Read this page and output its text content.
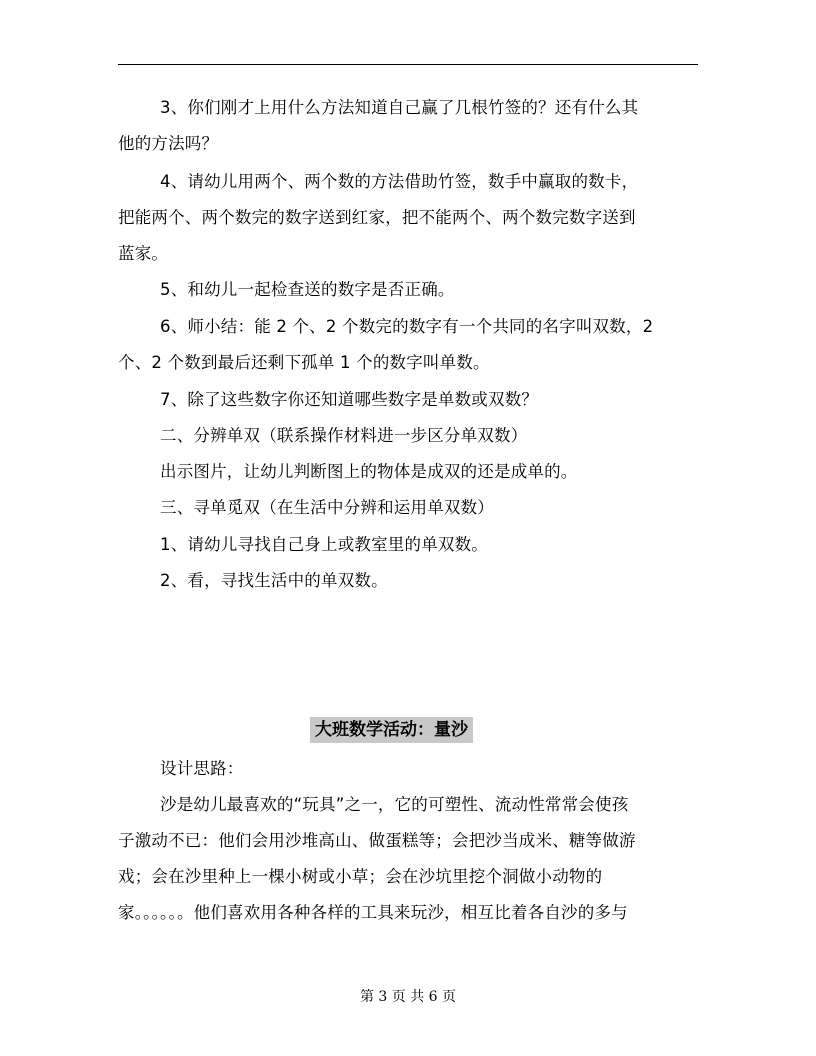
3、你们刚才上用什么方法知道自己赢了几根竹签的？还有什么其
他的方法吗？
4、请幼儿用两个、两个数的方法借助竹签，数手中赢取的数卡，
把能两个、两个数完的数字送到红家，把不能两个、两个数完数字送到
蓝家。
5、和幼儿一起检查送的数字是否正确。
6、师小结：能 2 个、2 个数完的数字有一个共同的名字叫双数，2
个、2 个数到最后还剩下孤单 1 个的数字叫单数。
7、除了这些数字你还知道哪些数字是单数或双数？
二、分辨单双（联系操作材料进一步区分单双数）
出示图片，让幼儿判断图上的物体是成双的还是成单的。
三、寻单觅双（在生活中分辨和运用单双数）
1、请幼儿寻找自己身上或教室里的单双数。
2、看，寻找生活中的单双数。
大班数学活动：量沙
设计思路：
沙是幼儿最喜欢的“玩具”之一，它的可塑性、流动性常常会使孩
子激动不已：他们会用沙堆高山、做蛋糕等；会把沙当成米、糖等做游
戏；会在沙里种上一棵小树或小草；会在沙坑里挖个洞做小动物的
家。。。。。。他们喜欢用各种各样的工具来玩沙，相互比着各自沙的多与
第 3 页 共 6 页
